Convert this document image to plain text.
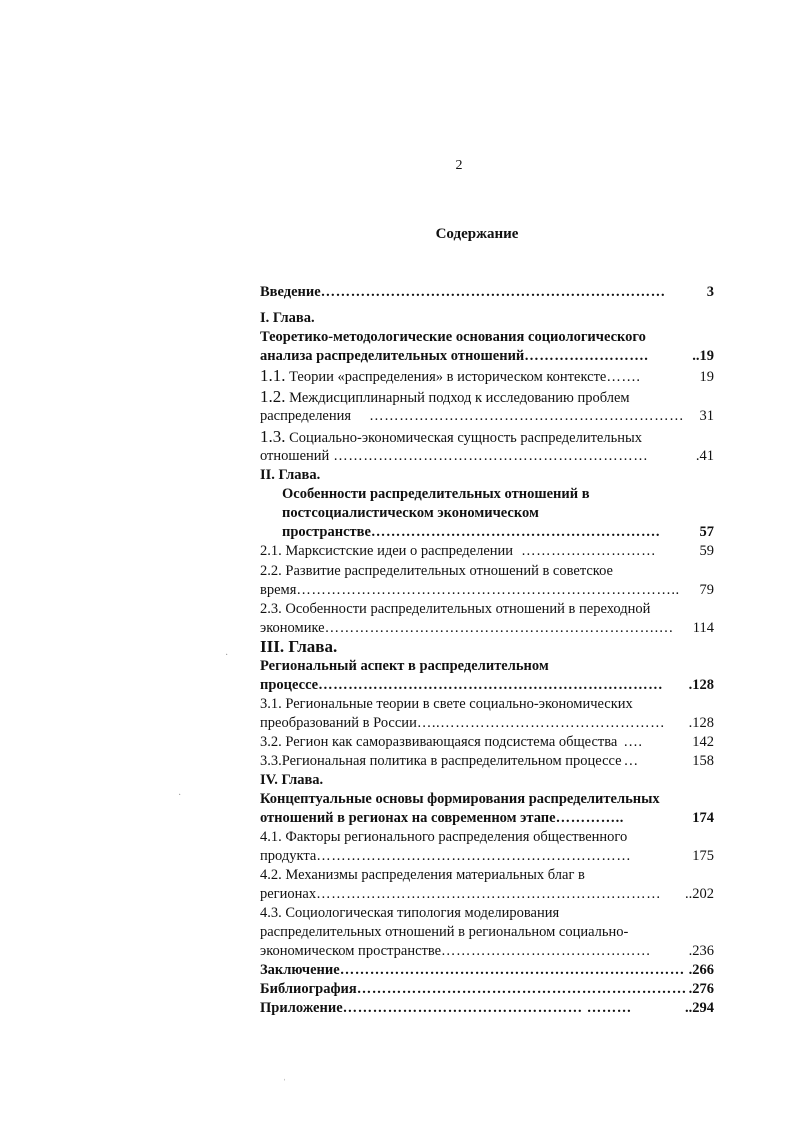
2
Содержание
Введение ……………………………………………………………	3
I. Глава.
Теоретико-методологические основания социологического
анализа распределительных отношений …………………….	..19
1.1. Теории «распределения» в историческом контексте …….	19
1.2. Междисциплинарный подход к исследованию проблем
распределения	………………………………………………………	31
1.3. Социально-экономическая сущность распределительных
отношений ………………………………………………………	.41
II. Глава.
Особенности распределительных отношений в
постсоциалистическом экономическом
пространстве ………………………………………………….	57
2.1. Марксистские идеи о распределении ………………………	59
2.2. Развитие распределительных отношений в советское
время …………………………………………………………………..	79
2.3. Особенности распределительных отношений в переходной
экономике ………………………………………………………….…	114
III. Глава.
Региональный аспект в распределительном
процессе ……………………………………………………………	.128
3.1. Региональные теории в свете социально-экономических
преобразований в России …..………………………………………	.128
3.2. Регион как саморазвивающаяся подсистема общества ….	142
3.3.Региональная политика в распределительном процессе …	158
IV. Глава.
Концептуальные основы формирования распределительных
отношений в регионах на современном этапе …………..	174
4.1. Факторы регионального распределения общественного
продукта ………………………………………………………	175
4.2. Механизмы распределения материальных благ в
регионах ……………………………………………………………	..202
4.3. Социологическая типология моделирования
распределительных отношений в региональном социально-
экономическом пространстве ……………………………………	.236
Заключение …………………………………………………………… .266
Библиография ………………………………………………………… .276
Приложение ………………………………………… ………	..294
·
·
ˌ
